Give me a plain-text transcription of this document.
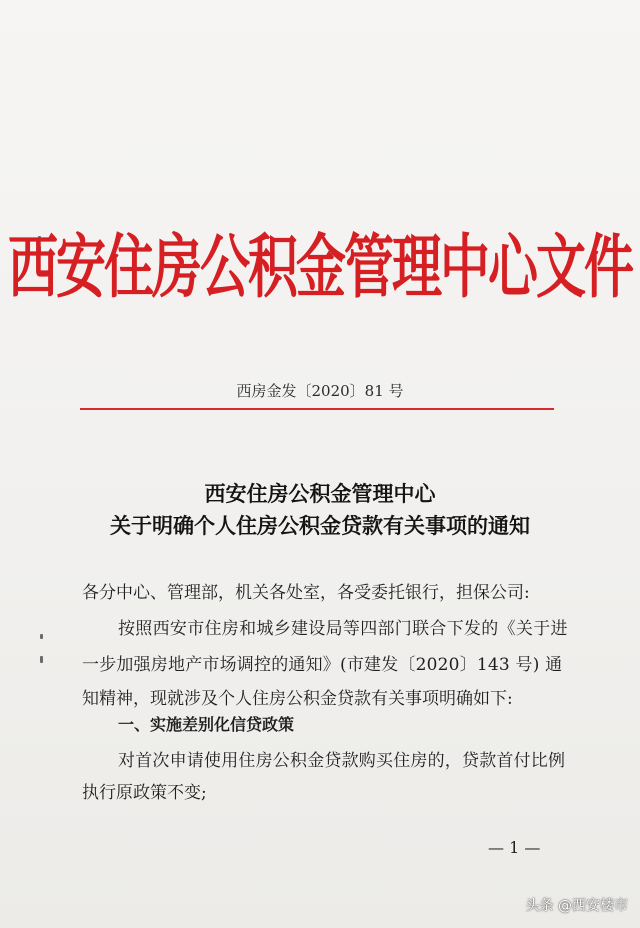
西安住房公积金管理中心文件
西房金发〔2020〕81 号
西安住房公积金管理中心
关于明确个人住房公积金贷款有关事项的通知
各分中心、管理部，机关各处室，各受委托银行，担保公司:
按照西安市住房和城乡建设局等四部门联合下发的《关于进
一步加强房地产市场调控的通知》(市建发〔2020〕143 号) 通
知精神，现就涉及个人住房公积金贷款有关事项明确如下:
一、实施差别化信贷政策
对首次申请使用住房公积金贷款购买住房的，贷款首付比例
执行原政策不变;
— 1 —
头条 @西安楼市
